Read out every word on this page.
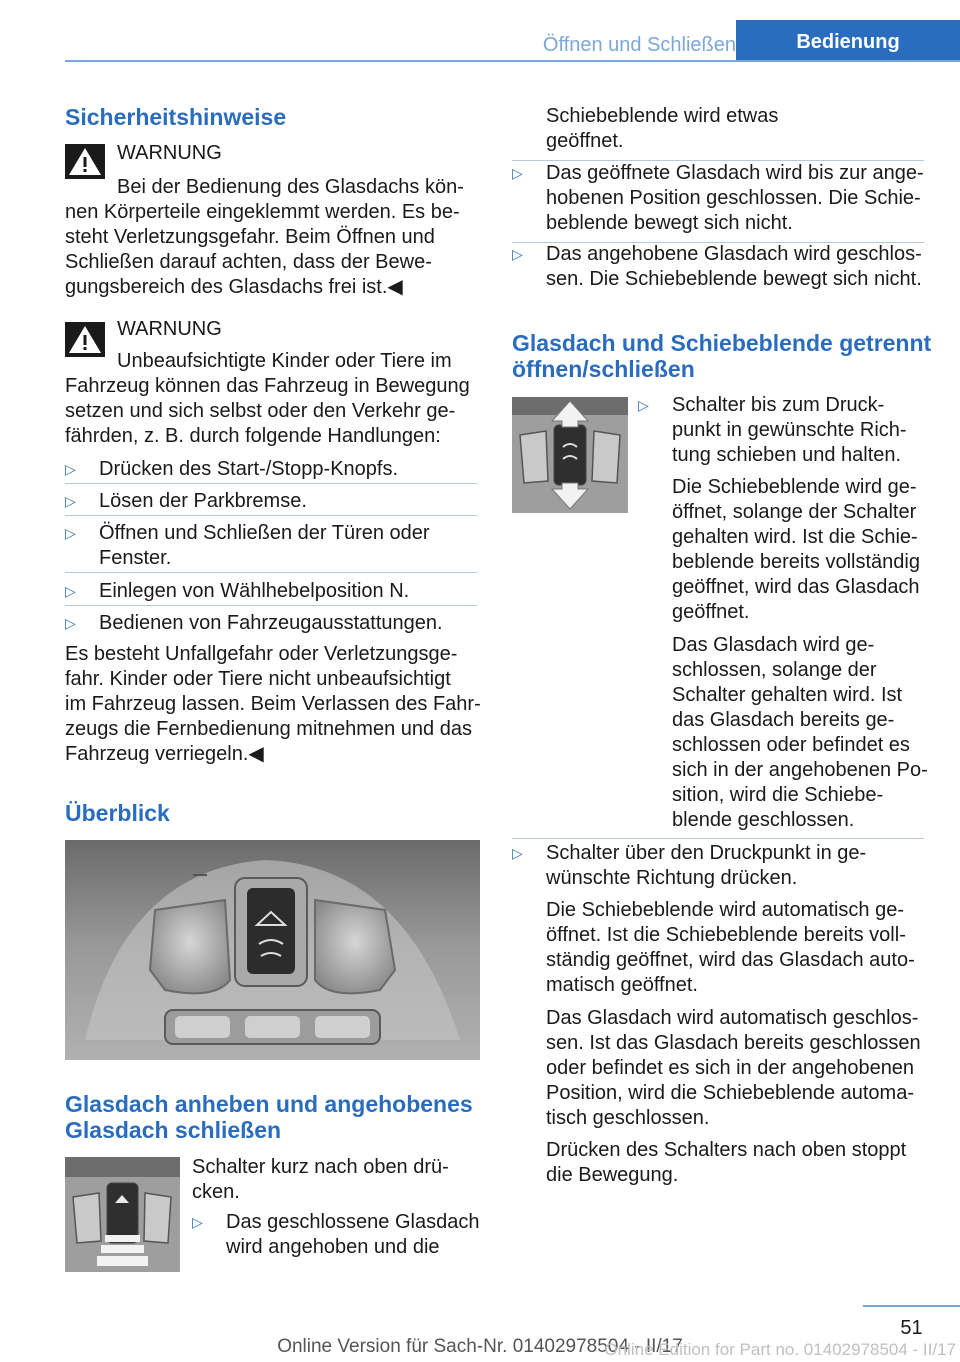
Öffnen und Schließen	Bedienung
Sicherheitshinweise
WARNUNG
Bei der Bedienung des Glasdachs kön-
nen Körperteile eingeklemmt werden. Es be-
steht Verletzungsgefahr. Beim Öffnen und
Schließen darauf achten, dass der Bewe-
gungsbereich des Glasdachs frei ist.◀
WARNUNG
Unbeaufsichtigte Kinder oder Tiere im
Fahrzeug können das Fahrzeug in Bewegung
setzen und sich selbst oder den Verkehr ge-
fährden, z. B. durch folgende Handlungen:
▷ Drücken des Start-/Stopp-Knopfs.
▷ Lösen der Parkbremse.
▷ Öffnen und Schließen der Türen oder
Fenster.
▷ Einlegen von Wählhebelposition N.
▷ Bedienen von Fahrzeugausstattungen.
Es besteht Unfallgefahr oder Verletzungsge-
fahr. Kinder oder Tiere nicht unbeaufsichtigt
im Fahrzeug lassen. Beim Verlassen des Fahr-
zeugs die Fernbedienung mitnehmen und das
Fahrzeug verriegeln.◀
Überblick
Glasdach anheben und angehobenes
Glasdach schließen
Schalter kurz nach oben drü-
cken.
▷ Das geschlossene Glasdach
wird angehoben und die
Schiebeblende wird etwas
geöffnet.
▷ Das geöffnete Glasdach wird bis zur ange-
hobenen Position geschlossen. Die Schie-
beblende bewegt sich nicht.
▷ Das angehobene Glasdach wird geschlos-
sen. Die Schiebeblende bewegt sich nicht.
Glasdach und Schiebeblende getrennt
öffnen/schließen
▷ Schalter bis zum Druck-
punkt in gewünschte Rich-
tung schieben und halten.
Die Schiebeblende wird ge-
öffnet, solange der Schalter
gehalten wird. Ist die Schie-
beblende bereits vollständig
geöffnet, wird das Glasdach
geöffnet.
Das Glasdach wird ge-
schlossen, solange der
Schalter gehalten wird. Ist
das Glasdach bereits ge-
schlossen oder befindet es
sich in der angehobenen Po-
sition, wird die Schiebe-
blende geschlossen.
▷ Schalter über den Druckpunkt in ge-
wünschte Richtung drücken.
Die Schiebeblende wird automatisch ge-
öffnet. Ist die Schiebeblende bereits voll-
ständig geöffnet, wird das Glasdach auto-
matisch geöffnet.
Das Glasdach wird automatisch geschlos-
sen. Ist das Glasdach bereits geschlossen
oder befindet es sich in der angehobenen
Position, wird die Schiebeblende automa-
tisch geschlossen.
Drücken des Schalters nach oben stoppt
die Bewegung.
51
Online Version für Sach-Nr. 01402978504 - II/17
Online Edition for Part no. 01402978504 - II/17
